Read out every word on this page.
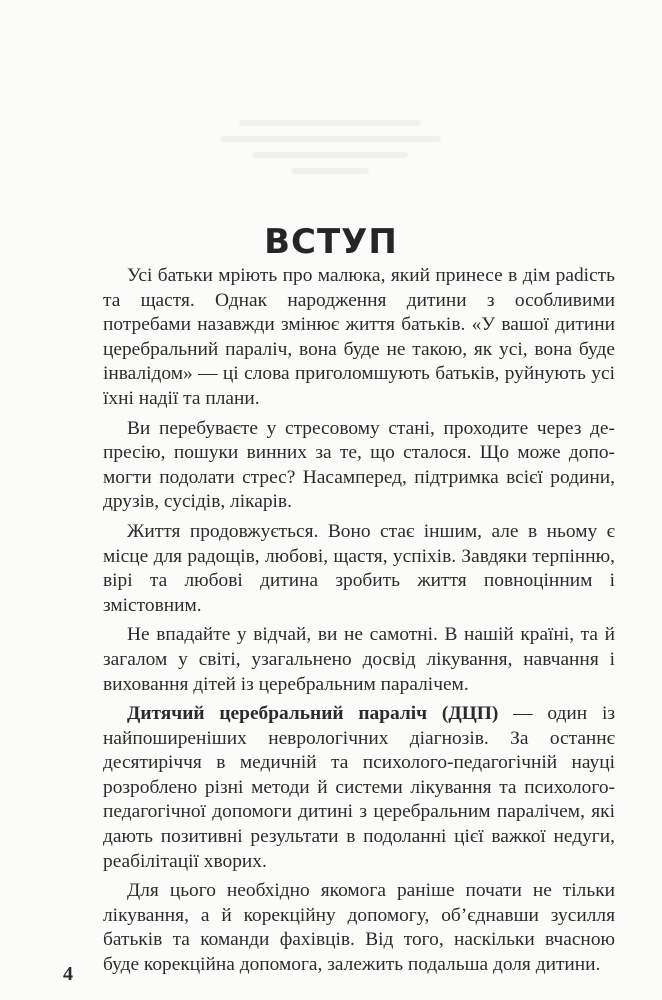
ВСТУП

Усі батьки мріють про малюка, який принесе в дім раdість та щастя. Однак народження дитини з особливими потребами назавжди змінює життя батьків. «У вашої дитини церебральний параліч, вона буде не такою, як усі, вона буде інвалідом» — ці слова приголомшують батьків, руйнують усі їхні надії та плани.

Ви перебуваєте у стресовому стані, проходите через депресію, пошуки винних за те, що сталося. Що може допомогти подолати стрес? Насамперед, підтримка всієї родини, друзів, сусідів, лікарів.

Життя продовжується. Воно стає іншим, але в ньому є місце для радощів, любові, щастя, успіхів. Завдяки терпінню, вірі та любові дитина зробить життя повноцінним і змістовним.

Не впадайте у відчай, ви не самотні. В нашій країні, та й загалом у світі, узагальнено досвід лікування, навчання і виховання дітей із церебральним паралічем.

Дитячий церебральний параліч (ДЦП) — один із найпоширеніших неврологічних діагнозів. За останнє десятиріччя в медичній та психолого-педагогічній науці розроблено різні методи й системи лікування та психолого-педагогічної допомоги дитині з церебральним паралічем, які дають позитивні результати в подоланні цієї важкої недуги, реабілітації хворих.

Для цього необхідно якомога раніше почати не тільки лікування, а й корекційну допомогу, об’єднавши зусилля батьків та команди фахівців. Від того, наскільки вчасною буде корекційна допомога, залежить подальша доля дитини.

4
